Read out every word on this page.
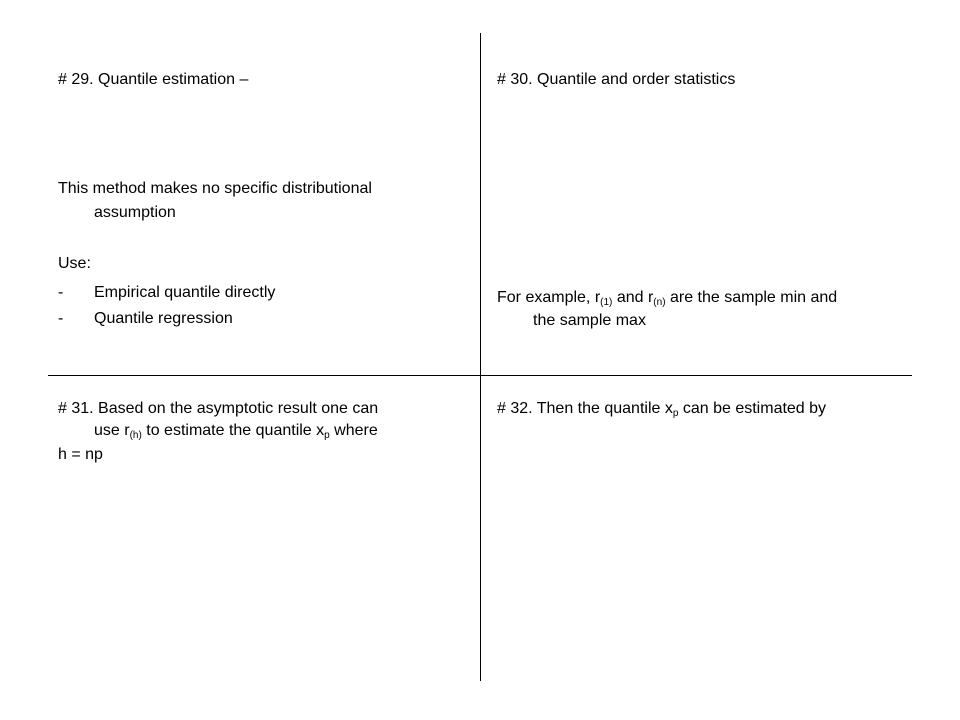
# 29. Quantile estimation –

This method makes no specific distributional
assumption

Use:

- Empirical quantile directly
- Quantile regression

# 30. Quantile and order statistics

For example, $r_{(1)}$ and $r_{(n)}$ are the sample min and
the sample max
# 31. Based on the asymptotic result one can
use $r_{(h)}$ to estimate the quantile $x_p$ where
h = np
# 32. Then the quantile $x_p$ can be estimated by
